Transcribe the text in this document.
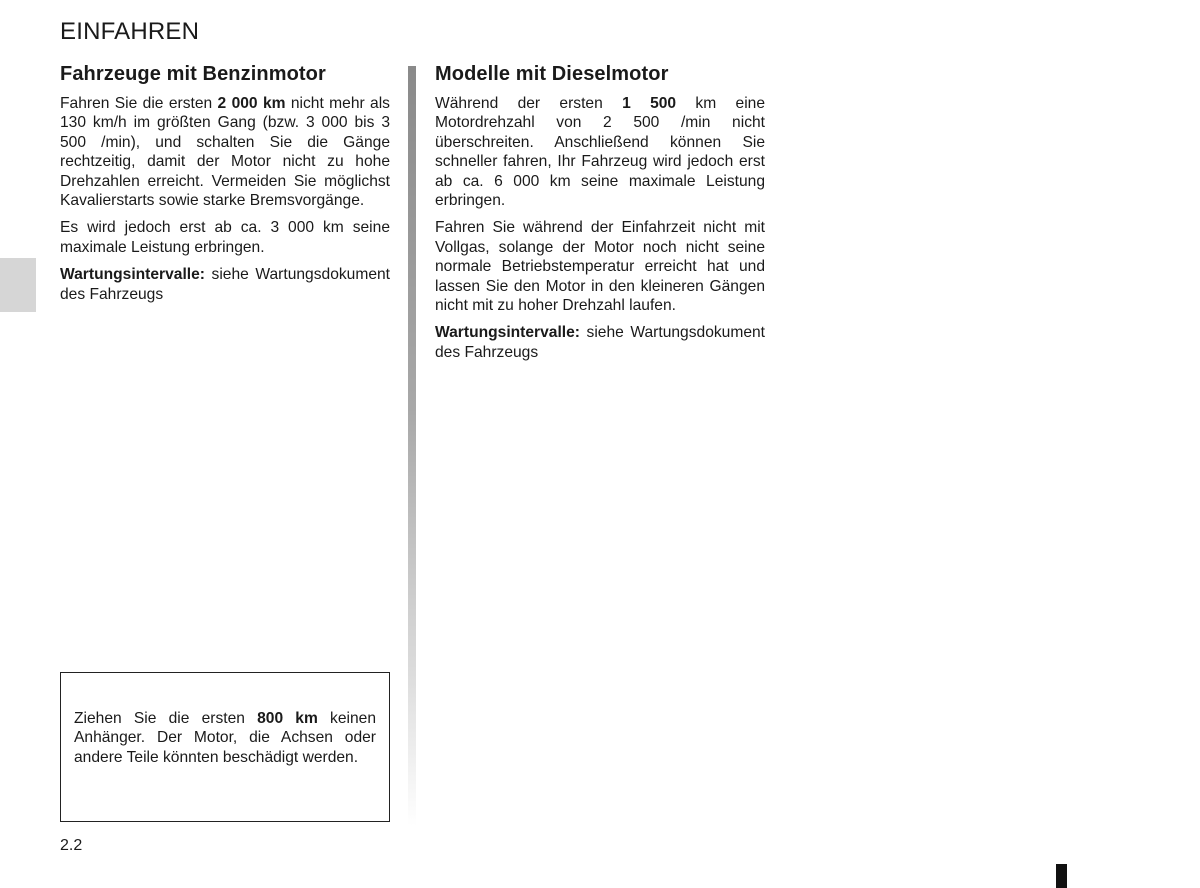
EINFAHREN
Fahrzeuge mit Benzinmotor

Fahren Sie die ersten 2 000 km nicht mehr als 130 km/h im größten Gang (bzw. 3 000 bis 3 500 /min), und schalten Sie die Gänge rechtzeitig, damit der Motor nicht zu hohe Drehzahlen erreicht. Vermeiden Sie möglichst Kavalierstarts sowie starke Bremsvorgänge.

Es wird jedoch erst ab ca. 3 000 km seine maximale Leistung erbringen.

Wartungsintervalle: siehe Wartungsdokument des Fahrzeugs

Modelle mit Dieselmotor

Während der ersten 1 500 km eine Motordrehzahl von 2 500 /min nicht überschreiten. Anschließend können Sie schneller fahren, Ihr Fahrzeug wird jedoch erst ab ca. 6 000 km seine maximale Leistung erbringen.

Fahren Sie während der Einfahrzeit nicht mit Vollgas, solange der Motor noch nicht seine normale Betriebstemperatur erreicht hat und lassen Sie den Motor in den kleineren Gängen nicht mit zu hoher Drehzahl laufen.

Wartungsintervalle: siehe Wartungsdokument des Fahrzeugs

Ziehen Sie die ersten 800 km keinen Anhänger. Der Motor, die Achsen oder andere Teile könnten beschädigt werden.

2.2
